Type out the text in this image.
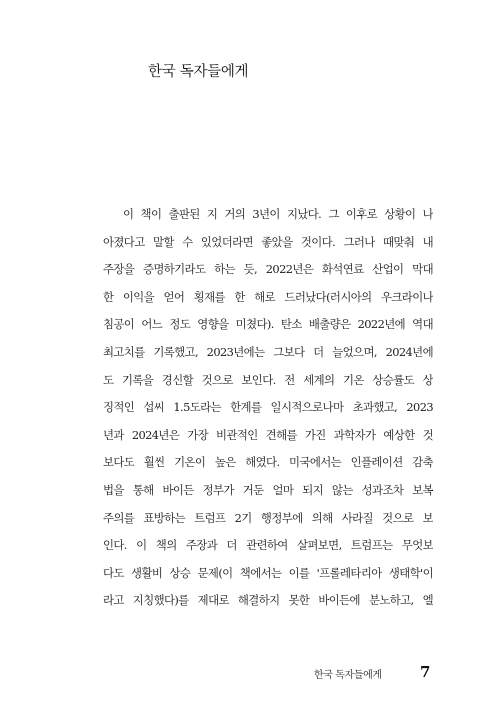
한국 독자들에게
이 책이 출판된 지 거의 3년이 지났다. 그 이후로 상황이 나
아졌다고 말할 수 있었더라면 좋았을 것이다. 그러나 때맞춰 내
주장을 증명하기라도 하는 듯, 2022년은 화석연료 산업이 막대
한 이익을 얻어 횡재를 한 해로 드러났다(러시아의 우크라이나
침공이 어느 정도 영향을 미쳤다). 탄소 배출량은 2022년에 역대
최고치를 기록했고, 2023년에는 그보다 더 늘었으며, 2024년에
도 기록을 경신할 것으로 보인다. 전 세계의 기온 상승률도 상
징적인 섭씨 1.5도라는 한계를 일시적으로나마 초과했고, 2023
년과 2024년은 가장 비관적인 견해를 가진 과학자가 예상한 것
보다도 훨씬 기온이 높은 해였다. 미국에서는 인플레이션 감축
법을 통해 바이든 정부가 거둔 얼마 되지 않는 성과조차 보복
주의를 표방하는 트럼프 2기 행정부에 의해 사라질 것으로 보
인다. 이 책의 주장과 더 관련하여 살펴보면, 트럼프는 무엇보
다도 생활비 상승 문제(이 책에서는 이를 '프롤레타리아 생태학'이
라고 지칭했다)를 제대로 해결하지 못한 바이든에 분노하고, 엘
한국 독자들에게	7
